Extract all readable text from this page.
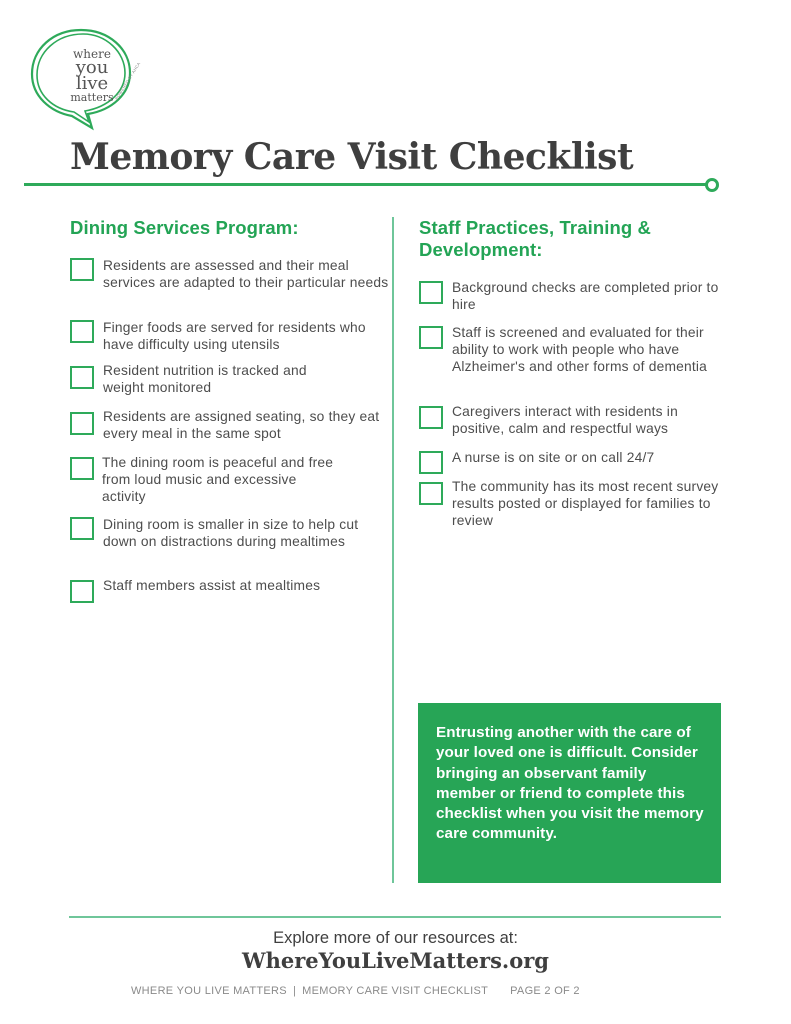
where
you
live
matters POWERED BY AHCA
Memory Care Visit Checklist
Dining Services Program:
Residents are assessed and their meal services are adapted to their particular needs
Finger foods are served for residents who have difficulty using utensils
Resident nutrition is tracked and weight monitored
Residents are assigned seating, so they eat every meal in the same spot
The dining room is peaceful and free from loud music and excessive activity
Dining room is smaller in size to help cut down on distractions during mealtimes
Staff members assist at mealtimes
Staff Practices, Training & Development:
Background checks are completed prior to hire
Staff is screened and evaluated for their ability to work with people who have Alzheimer's and other forms of dementia
Caregivers interact with residents in positive, calm and respectful ways
A nurse is on site or on call 24/7
The community has its most recent survey results posted or displayed for families to review

Entrusting another with the care of your loved one is difficult. Consider bringing an observant family member or friend to complete this checklist when you visit the memory care community.

Explore more of our resources at:
WhereYouLiveMatters.org
WHERE YOU LIVE MATTERS | MEMORY CARE VISIT CHECKLIST PAGE 2 OF 2
